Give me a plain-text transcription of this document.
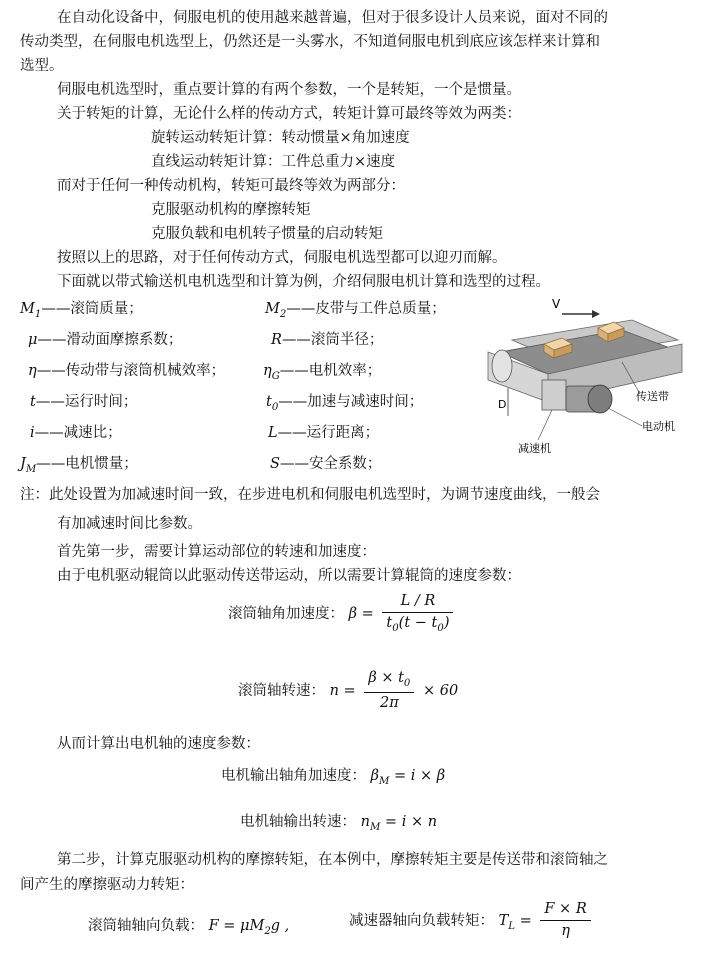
在自动化设备中，伺服电机的使用越来越普遍，但对于很多设计人员来说，面对不同的
传动类型，在伺服电机选型上，仍然还是一头雾水，不知道伺服电机到底应该怎样来计算和
选型。
伺服电机选型时，重点要计算的有两个参数，一个是转矩，一个是惯量。
关于转矩的计算，无论什么样的传动方式，转矩计算可最终等效为两类：
旋转运动转矩计算：转动惯量×角加速度
直线运动转矩计算：工件总重力×速度
而对于任何一种传动机构，转矩可最终等效为两部分：
克服驱动机构的摩擦转矩
克服负载和电机转子惯量的启动转矩
按照以上的思路，对于任何传动方式，伺服电机选型都可以迎刃而解。
下面就以带式输送机电机选型和计算为例，介绍伺服电机计算和选型的过程。
$M_1——$滚筒质量；	$M_2——$皮带与工件总质量；
μ——滑动面摩擦系数；	R——滚筒半径；
η——传动带与滚筒机械效率；	$\eta_G——$电机效率；
t——运行时间；	$t_0——$加速与减速时间；
i——减速比；	L——运行距离；
$J_M——$电机惯量；	S——安全系数；
V
D
传送带
电动机
减速机
注：此处设置为加减速时间一致，在步进电机和伺服电机选型时，为调节速度曲线，一般会
有加减速时间比参数。
首先第一步，需要计算运动部位的转速和加速度：
由于电机驱动辊筒以此驱动传送带运动，所以需要计算辊筒的速度参数：
滚筒轴角加速度： $\beta = \frac{L / R}{t_0(t - t_0)}$
滚筒轴转速： $n = \frac{\beta \times t_0}{2\pi} \times 60$
从而计算出电机轴的速度参数：
电机输出轴角加速度： $\beta_M = i \times \beta$
电机轴输出转速： $n_M = i \times n$
第二步，计算克服驱动机构的摩擦转矩，在本例中，摩擦转矩主要是传送带和滚筒轴之
间产生的摩擦驱动力转矩：
滚筒轴轴向负载： $F = \mu M_2g$ ,	减速器轴向负载转矩： $T_L = \frac{F \times R}{\eta}$
